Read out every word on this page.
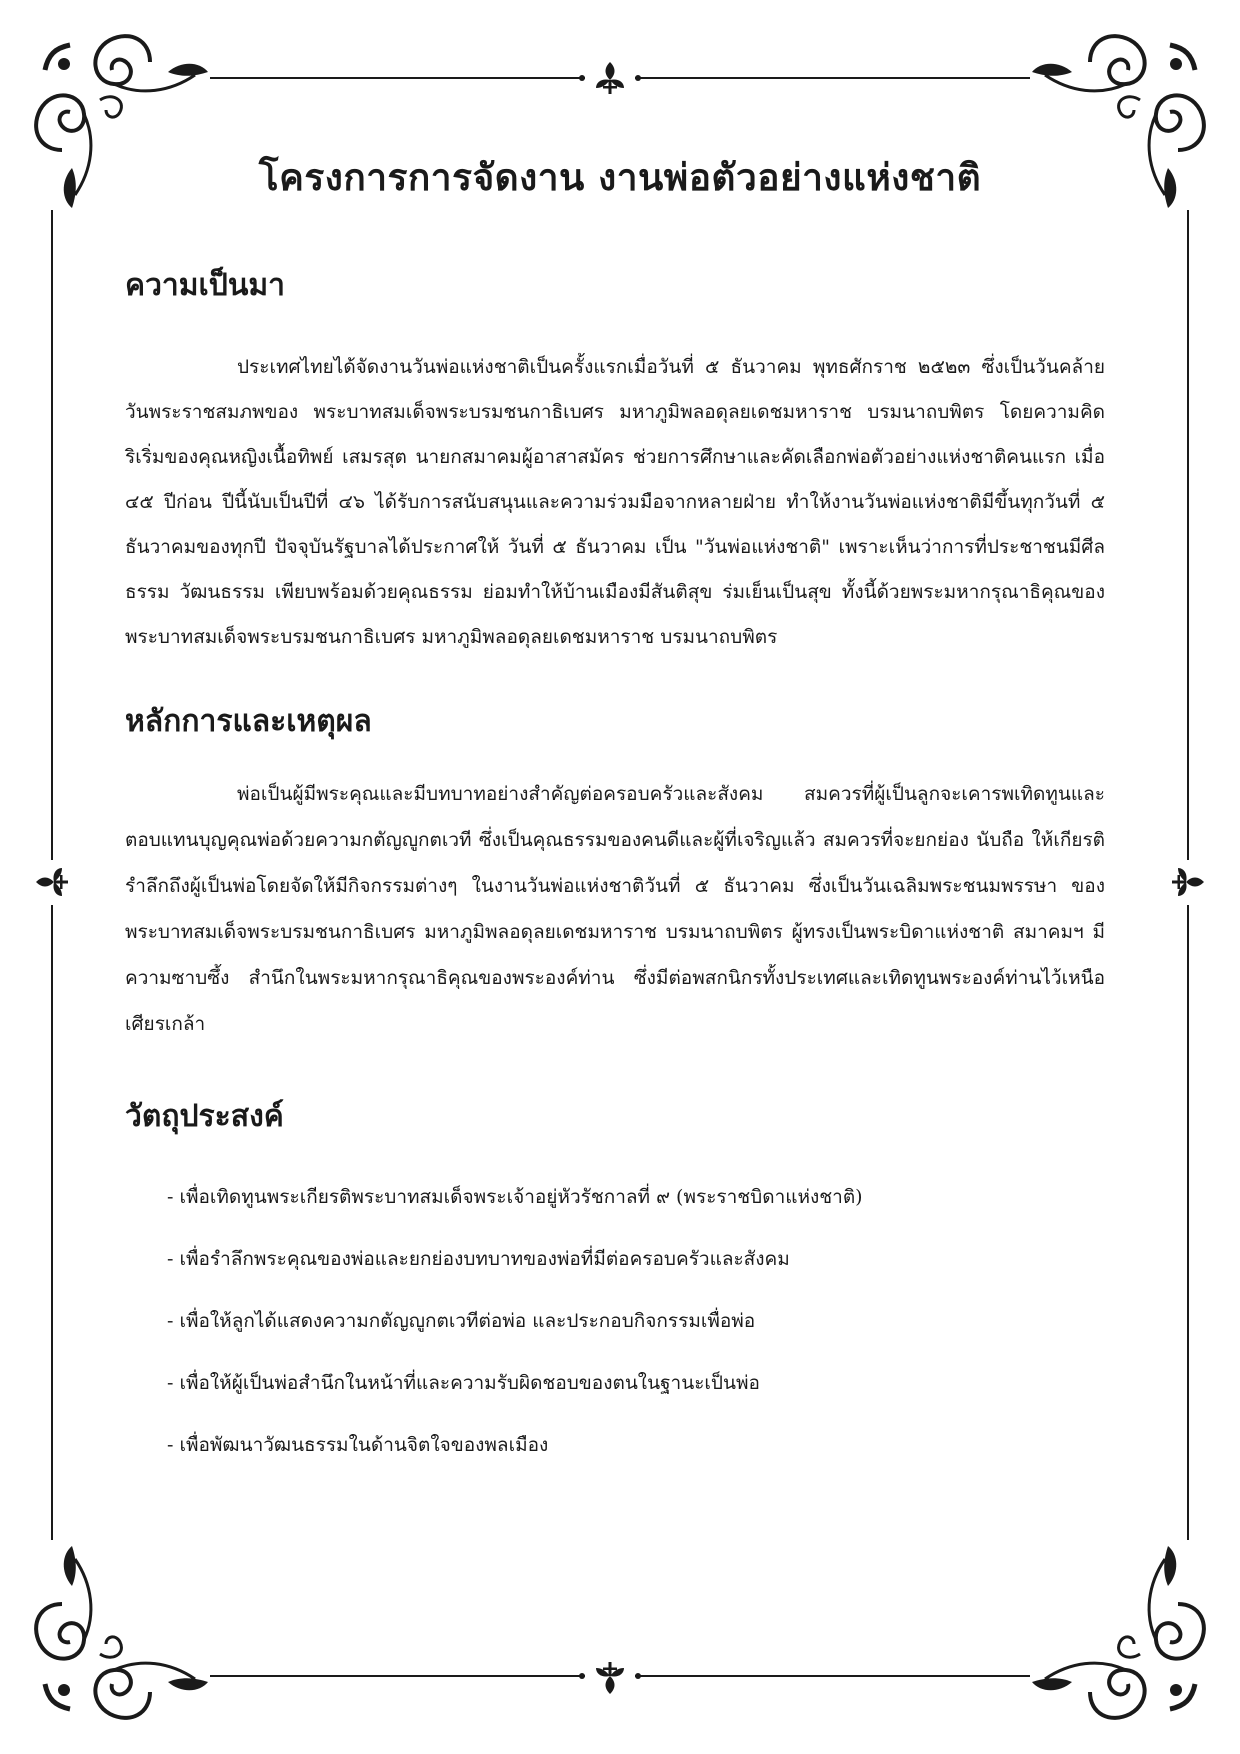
โครงการการจัดงาน งานพ่อตัวอย่างแห่งชาติ
ความเป็นมา

ประเทศไทยได้จัดงานวันพ่อแห่งชาติเป็นครั้งแรกเมื่อวันที่ ๕ ธันวาคม พุทธศักราช ๒๕๒๓ ซึ่งเป็นวันคล้ายวันพระราชสมภพของ พระบาทสมเด็จพระบรมชนกาธิเบศร มหาภูมิพลอดุลยเดชมหาราช บรมนาถบพิตร โดยความคิดริเริ่มของคุณหญิงเนื้อทิพย์ เสมรสุต นายกสมาคมผู้อาสาสมัคร ช่วยการศึกษาและคัดเลือกพ่อตัวอย่างแห่งชาติคนแรก เมื่อ ๔๕ ปีก่อน ปีนี้นับเป็นปีที่ ๔๖ ได้รับการสนับสนุนและความร่วมมือจากหลายฝ่าย ทำให้งานวันพ่อแห่งชาติมีขึ้นทุกวันที่ ๕ ธันวาคมของทุกปี ปัจจุบันรัฐบาลได้ประกาศให้ วันที่ ๕ ธันวาคม เป็น "วันพ่อแห่งชาติ" เพราะเห็นว่าการที่ประชาชนมีศีลธรรม วัฒนธรรม เพียบพร้อมด้วยคุณธรรม ย่อมทำให้บ้านเมืองมีสันติสุข ร่มเย็นเป็นสุข ทั้งนี้ด้วยพระมหากรุณาธิคุณของพระบาทสมเด็จพระบรมชนกาธิเบศร มหาภูมิพลอดุลยเดชมหาราช บรมนาถบพิตร

หลักการและเหตุผล

พ่อเป็นผู้มีพระคุณและมีบทบาทอย่างสำคัญต่อครอบครัวและสังคม สมควรที่ผู้เป็นลูกจะเคารพเทิดทูนและตอบแทนบุญคุณพ่อด้วยความกตัญญูกตเวที ซึ่งเป็นคุณธรรมของคนดีและผู้ที่เจริญแล้ว สมควรที่จะยกย่อง นับถือ ให้เกียรติรำลึกถึงผู้เป็นพ่อโดยจัดให้มีกิจกรรมต่างๆ ในงานวันพ่อแห่งชาติวันที่ ๕ ธันวาคม ซึ่งเป็นวันเฉลิมพระชนมพรรษา ของพระบาทสมเด็จพระบรมชนกาธิเบศร มหาภูมิพลอดุลยเดชมหาราช บรมนาถบพิตร ผู้ทรงเป็นพระบิดาแห่งชาติ สมาคมฯ มีความซาบซึ้ง สำนึกในพระมหากรุณาธิคุณของพระองค์ท่าน ซึ่งมีต่อพสกนิกรทั้งประเทศและเทิดทูนพระองค์ท่านไว้เหนือเศียรเกล้า

วัตถุประสงค์
- เพื่อเทิดทูนพระเกียรติพระบาทสมเด็จพระเจ้าอยู่หัวรัชกาลที่ ๙ (พระราชบิดาแห่งชาติ)
- เพื่อรำลึกพระคุณของพ่อและยกย่องบทบาทของพ่อที่มีต่อครอบครัวและสังคม
- เพื่อให้ลูกได้แสดงความกตัญญูกตเวทีต่อพ่อ และประกอบกิจกรรมเพื่อพ่อ
- เพื่อให้ผู้เป็นพ่อสำนึกในหน้าที่และความรับผิดชอบของตนในฐานะเป็นพ่อ
- เพื่อพัฒนาวัฒนธรรมในด้านจิตใจของพลเมือง
